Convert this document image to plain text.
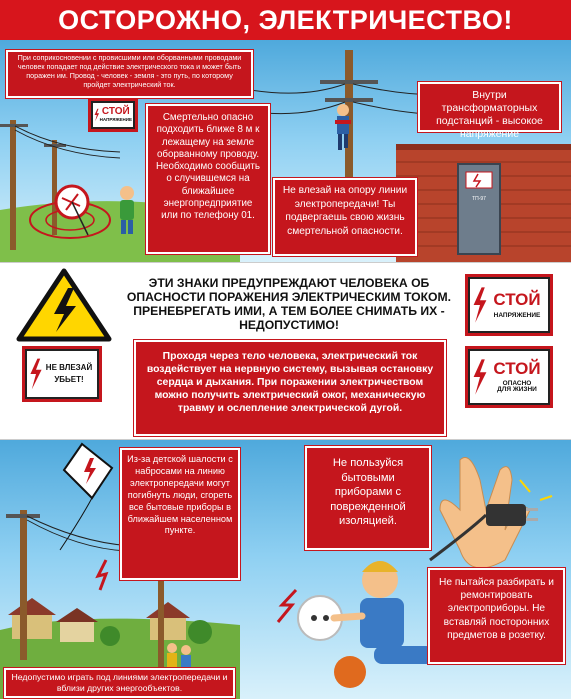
ОСТОРОЖНО, ЭЛЕКТРИЧЕСТВО!
ТП-97
СТОЙ
НАПРЯЖЕНИЕ
При соприкосновении с провисшими или оборванными проводами человек попадает под действие электрического тока и может быть поражен им. Провод - человек - земля - это путь, по которому пройдет электрический ток.
Смертельно опасно подходить ближе 8 м к лежащему на земле оборванному проводу. Необходимо сообщить о случившемся на ближайшее энергопредприятие или по телефону 01.
Внутри трансформаторных подстанций - высокое напряжение
Не влезай на опору линии электропередачи! Ты подвергаешь свою жизнь смертельной опасности.
ЭТИ ЗНАКИ ПРЕДУПРЕЖДАЮТ ЧЕЛОВЕКА ОБ ОПАСНОСТИ ПОРАЖЕНИЯ ЭЛЕКТРИЧЕСКИМ ТОКОМ. ПРЕНЕБРЕГАТЬ ИМИ, А ТЕМ БОЛЕЕ СНИМАТЬ ИХ - НЕДОПУСТИМО!
СТОЙ
НАПРЯЖЕНИЕ
СТОЙ
ОПАСНО
ДЛЯ ЖИЗНИ
НЕ ВЛЕЗАЙ
УБЬЕТ!
Проходя через тело человека, электрический ток воздействует на нервную систему, вызывая остановку сердца и дыхания. При поражении электричеством можно получить электрический ожог, механическую травму и ослепление электрической дугой.
Из-за детской шалости с набросами на линию электропередачи могут погибнуть люди, сгореть все бытовые приборы в ближайшем населенном пункте.
Не пользуйся бытовыми приборами с поврежденной изоляцией.
Не пытайся разбирать и ремонтировать электроприборы. Не вставляй посторонних предметов в розетку.
Недопустимо играть под линиями электропередачи и вблизи других энергообъектов.
